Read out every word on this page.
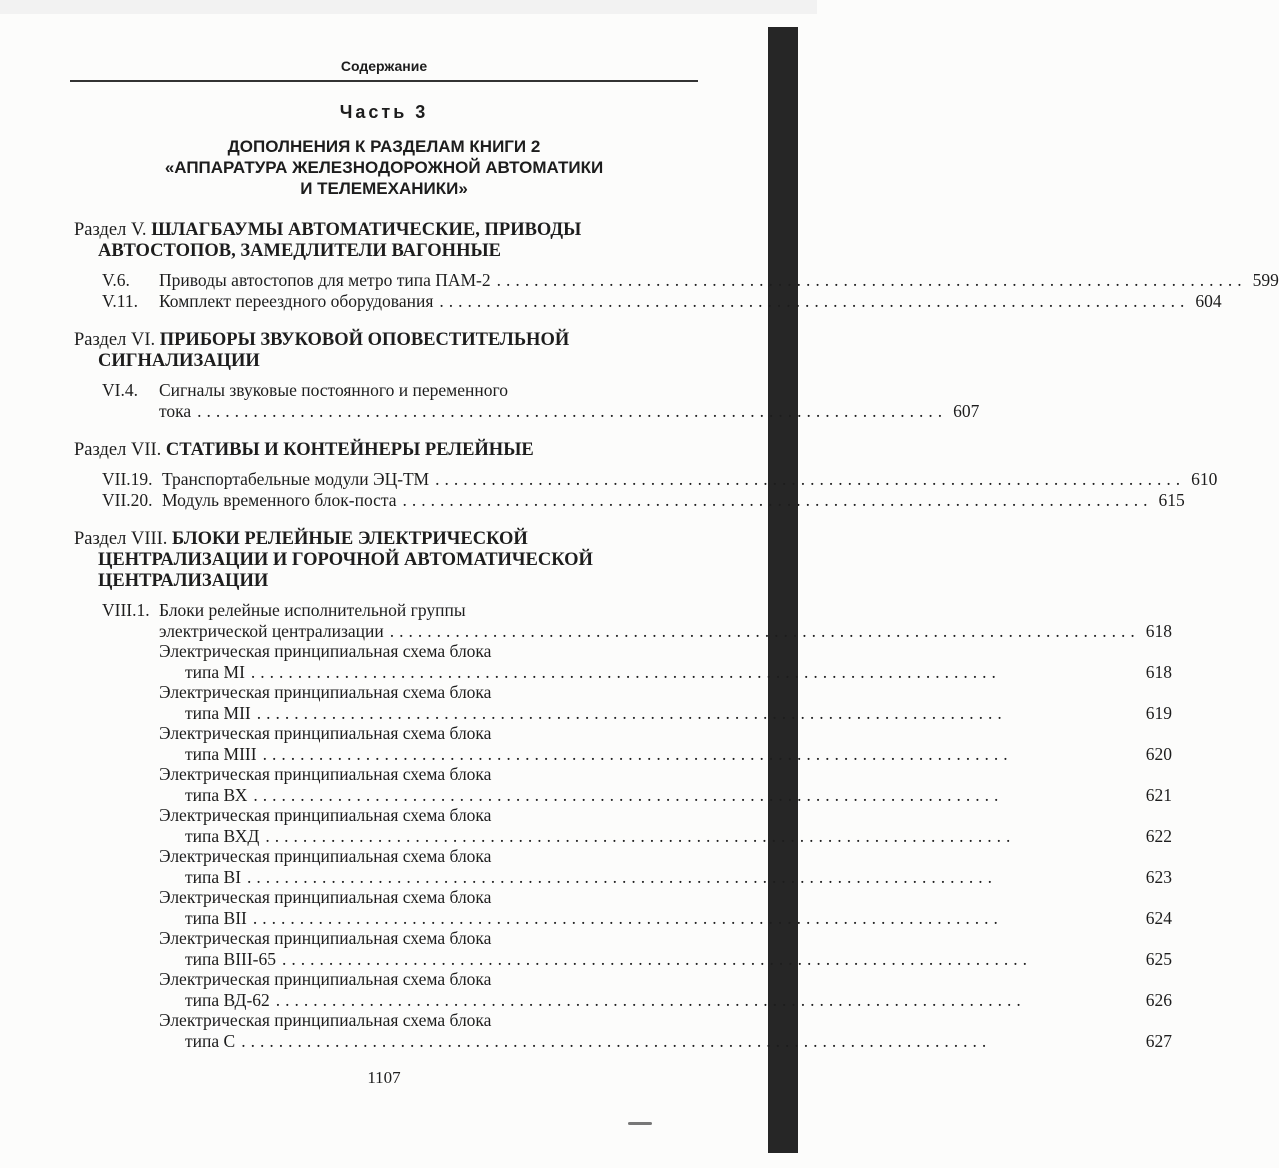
Содержание
Часть 3
ДОПОЛНЕНИЯ К РАЗДЕЛАМ КНИГИ 2
«АППАРАТУРА ЖЕЛЕЗНОДОРОЖНОЙ АВТОМАТИКИ
И ТЕЛЕМЕХАНИКИ»
Раздел V. ШЛАГБАУМЫ АВТОМАТИЧЕСКИЕ, ПРИВОДЫ
АВТОСТОПОВ, ЗАМЕДЛИТЕЛИ ВАГОННЫЕ
V.6.	Приводы автостопов для метро типа ПАМ-2 ................................................................................ 599
V.11.	Комплект переездного оборудования ................................................................................ 604
Раздел VI. ПРИБОРЫ ЗВУКОВОЙ ОПОВЕСТИТЕЛЬНОЙ
СИГНАЛИЗАЦИИ
VI.4.	Сигналы звуковые постоянного и переменного
тока ................................................................................ 607
Раздел VII. СТАТИВЫ И КОНТЕЙНЕРЫ РЕЛЕЙНЫЕ
VII.19. Транспортабельные модули ЭЦ-ТМ ................................................................................ 610
VII.20. Модуль временного блок-поста ................................................................................ 615
Раздел VIII. БЛОКИ РЕЛЕЙНЫЕ ЭЛЕКТРИЧЕСКОЙ
ЦЕНТРАЛИЗАЦИИ И ГОРОЧНОЙ АВТОМАТИЧЕСКОЙ
ЦЕНТРАЛИЗАЦИИ
VIII.1. Блоки релейные исполнительной группы
электрической централизации ................................................................................ 618
Электрическая принципиальная схема блока
типа МI ................................................................................	618
Электрическая принципиальная схема блока
типа МII ................................................................................	619
Электрическая принципиальная схема блока
типа МIII ................................................................................	620
Электрическая принципиальная схема блока
типа ВХ ................................................................................	621
Электрическая принципиальная схема блока
типа ВХД ................................................................................	622
Электрическая принципиальная схема блока
типа ВI ................................................................................	623
Электрическая принципиальная схема блока
типа ВII ................................................................................	624
Электрическая принципиальная схема блока
типа ВIII-65 ................................................................................	625
Электрическая принципиальная схема блока
типа ВД-62 ................................................................................	626
Электрическая принципиальная схема блока
типа С ................................................................................	627
1107
